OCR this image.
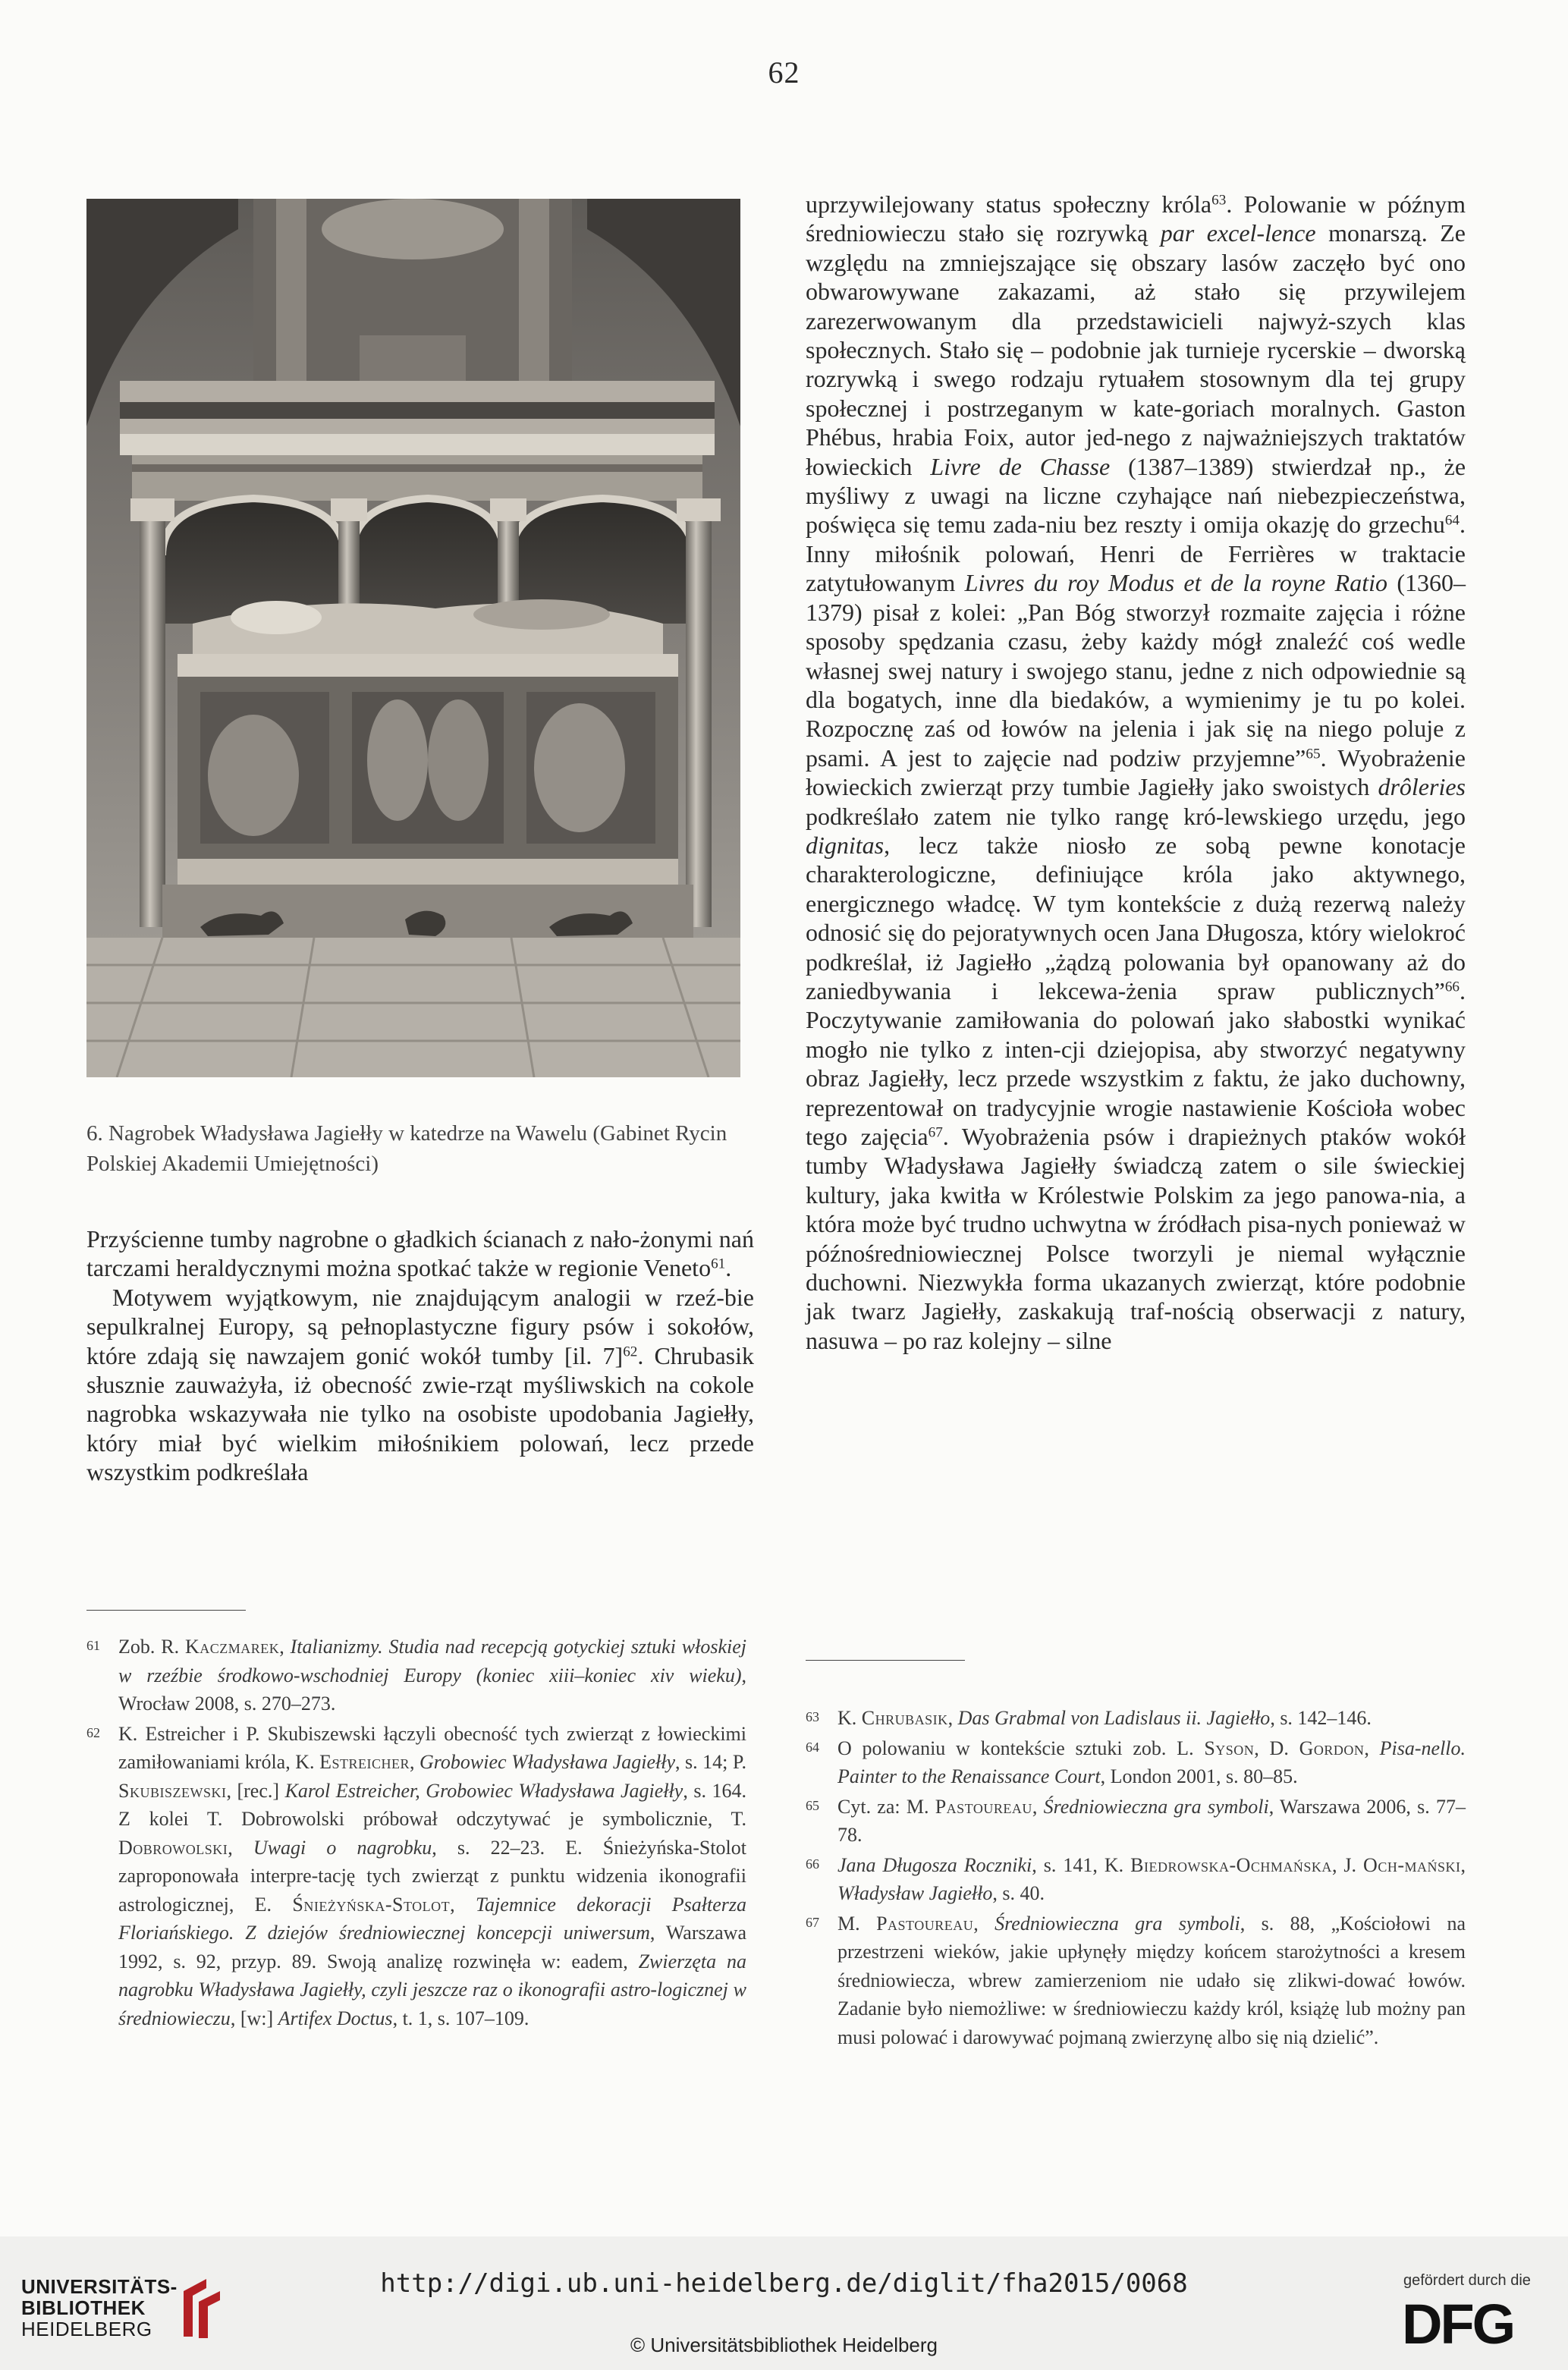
62
6. Nagrobek Władysława Jagiełły w katedrze na Wawelu (Gabinet Rycin Polskiej Akademii Umiejętności)

Przyścienne tumby nagrobne o gładkich ścianach z nało-żonymi nań tarczami heraldycznymi można spotkać także w regionie Veneto$^{61}$.

Motywem wyjątkowym, nie znajdującym analogii w rzeź-bie sepulkralnej Europy, są pełnoplastyczne figury psów i sokołów, które zdają się nawzajem gonić wokół tumby [il. 7]$^{62}$. Chrubasik słusznie zauważyła, iż obecność zwie-rząt myśliwskich na cokole nagrobka wskazywała nie tylko na osobiste upodobania Jagiełły, który miał być wielkim miłośnikiem polowań, lecz przede wszystkim podkreślała

uprzywilejowany status społeczny króla$^{63}$. Polowanie w późnym średniowieczu stało się rozrywką par excel-lence monarszą. Ze względu na zmniejszające się obszary lasów zaczęło być ono obwarowywane zakazami, aż stało się przywilejem zarezerwowanym dla przedstawicieli najwyż-szych klas społecznych. Stało się – podobnie jak turnieje rycerskie – dworską rozrywką i swego rodzaju rytuałem stosownym dla tej grupy społecznej i postrzeganym w kate-goriach moralnych. Gaston Phébus, hrabia Foix, autor jed-nego z najważniejszych traktatów łowieckich Livre de Chasse (1387–1389) stwierdzał np., że myśliwy z uwagi na liczne czyhające nań niebezpieczeństwa, poświęca się temu zada-niu bez reszty i omija okazję do grzechu$^{64}$. Inny miłośnik polowań, Henri de Ferrières w traktacie zatytułowanym Livres du roy Modus et de la royne Ratio (1360–1379) pisał z kolei: „Pan Bóg stworzył rozmaite zajęcia i różne sposoby spędzania czasu, żeby każdy mógł znaleźć coś wedle własnej swej natury i swojego stanu, jedne z nich odpowiednie są dla bogatych, inne dla biedaków, a wymienimy je tu po kolei. Rozpocznę zaś od łowów na jelenia i jak się na niego poluje z psami. A jest to zajęcie nad podziw przyjemne”$^{65}$. Wyobrażenie łowieckich zwierząt przy tumbie Jagiełły jako swoistych drôleries podkreślało zatem nie tylko rangę kró-lewskiego urzędu, jego dignitas, lecz także niosło ze sobą pewne konotacje charakterologiczne, definiujące króla jako aktywnego, energicznego władcę. W tym kontekście z dużą rezerwą należy odnosić się do pejoratywnych ocen Jana Długosza, który wielokroć podkreślał, iż Jagiełło „żądzą polowania był opanowany aż do zaniedbywania i lekcewa-żenia spraw publicznych”$^{66}$. Poczytywanie zamiłowania do polowań jako słabostki wynikać mogło nie tylko z inten-cji dziejopisa, aby stworzyć negatywny obraz Jagiełły, lecz przede wszystkim z faktu, że jako duchowny, reprezentował on tradycyjnie wrogie nastawienie Kościoła wobec tego zajęcia$^{67}$. Wyobrażenia psów i drapieżnych ptaków wokół tumby Władysława Jagiełły świadczą zatem o sile świeckiej kultury, jaka kwitła w Królestwie Polskim za jego panowa-nia, a która może być trudno uchwytna w źródłach pisa-nych ponieważ w późnośredniowiecznej Polsce tworzyli je niemal wyłącznie duchowni. Niezwykła forma ukazanych zwierząt, które podobnie jak twarz Jagiełły, zaskakują traf-nością obserwacji z natury, nasuwa – po raz kolejny – silne

61 Zob. R. Kaczmarek, Italianizmy. Studia nad recepcją gotyckiej sztuki włoskiej w rzeźbie środkowo-wschodniej Europy (koniec xiii–koniec xiv wieku), Wrocław 2008, s. 270–273.
62 K. Estreicher i P. Skubiszewski łączyli obecność tych zwierząt z łowieckimi zamiłowaniami króla, K. Estreicher, Grobowiec Władysława Jagiełły, s. 14; P. Skubiszewski, [rec.] Karol Estreicher, Grobowiec Władysława Jagiełły, s. 164. Z kolei T. Dobrowolski próbował odczytywać je symbolicznie, T. Dobrowolski, Uwagi o nagrobku, s. 22–23. E. Śnieżyńska-Stolot zaproponowała interpre-tację tych zwierząt z punktu widzenia ikonografii astrologicznej, E. Śnieżyńska-Stolot, Tajemnice dekoracji Psałterza Floriańskiego. Z dziejów średniowiecznej koncepcji uniwersum, Warszawa 1992, s. 92, przyp. 89. Swoją analizę rozwinęła w: eadem, Zwierzęta na nagrobku Władysława Jagiełły, czyli jeszcze raz o ikonografii astro-logicznej w średniowieczu, [w:] Artifex Doctus, t. 1, s. 107–109.
63 K. Chrubasik, Das Grabmal von Ladislaus ii. Jagiełło, s. 142–146.
64 O polowaniu w kontekście sztuki zob. L. Syson, D. Gordon, Pisa-nello. Painter to the Renaissance Court, London 2001, s. 80–85.
65 Cyt. za: M. Pastoureau, Średniowieczna gra symboli, Warszawa 2006, s. 77–78.
66 Jana Długosza Roczniki, s. 141, K. Biedrowska-Ochmańska, J. Och-mański, Władysław Jagiełło, s. 40.
67 M. Pastoureau, Średniowieczna gra symboli, s. 88, „Kościołowi na przestrzeni wieków, jakie upłynęły między końcem starożytności a kresem średniowiecza, wbrew zamierzeniom nie udało się zlikwi-dować łowów. Zadanie było niemożliwe: w średniowieczu każdy król, książę lub możny pan musi polować i darowywać pojmaną zwierzynę albo się nią dzielić”.
UNIVERSITÄTS-
BIBLIOTHEK
HEIDELBERG
http://digi.ub.uni-heidelberg.de/diglit/fha2015/0068
© Universitätsbibliothek Heidelberg
gefördert durch die
DFG
